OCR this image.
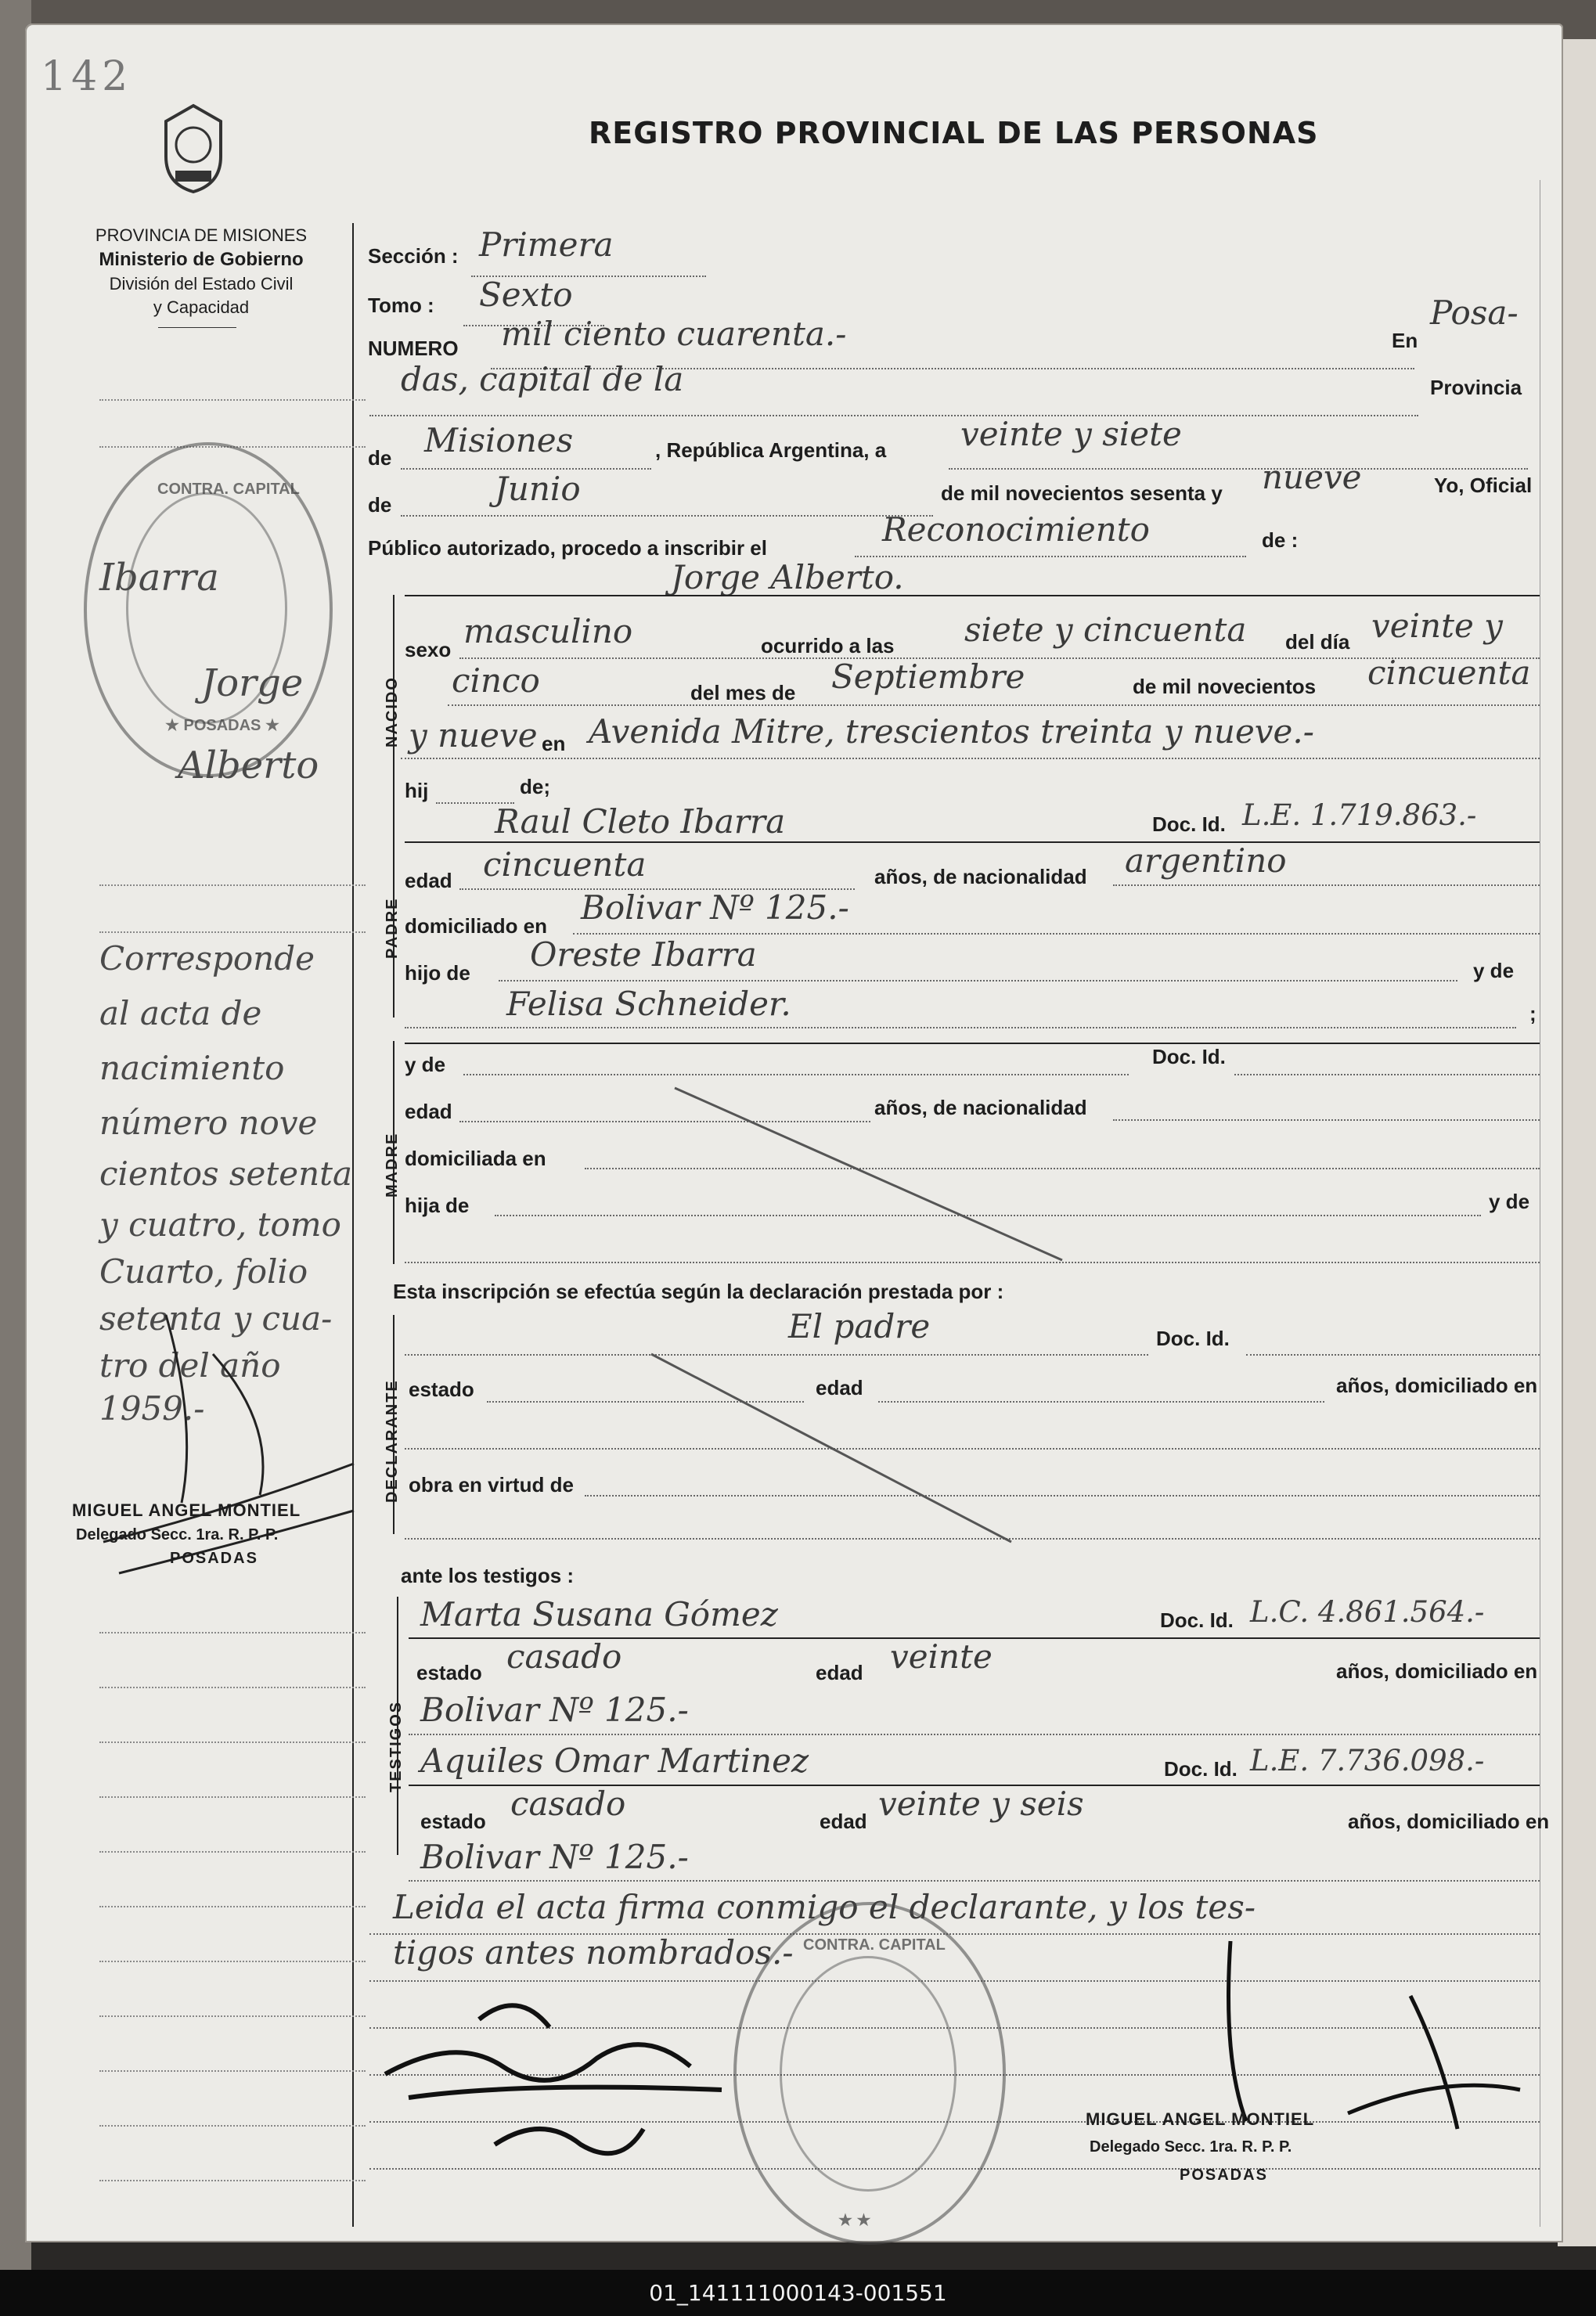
142
PROVINCIA DE MISIONES
Ministerio de Gobierno
División del Estado Civil
y Capacidad
REGISTRO PROVINCIAL DE LAS PERSONAS
CONTRA. CAPITAL
★ POSADAS ★
Ibarra
Jorge
Alberto
Corresponde
al acta de
nacimiento
número nove
cientos setenta
y cuatro, tomo
Cuarto, folio
setenta y cua-
tro del año
1959.-
MIGUEL ANGEL MONTIEL
Delegado Secc. 1ra. R. P. P.
POSADAS
Sección : Primera
Tomo : Sexto
NUMERO mil ciento cuarenta.-	En
Posa-
das, capital de la	Provincia
de Misiones	, República Argentina, a veinte y siete
de	Junio	de mil novecientos sesenta y nueve	Yo, Oficial
Público autorizado, procedo a inscribir el	Reconocimiento	de :
Jorge Alberto.
NACIDO
sexo masculino	ocurrido a las siete y cincuenta del día veinte y
cinco	del mes de Septiembre	de mil novecientos cincuenta
y nueve en Avenida Mitre, trescientos treinta y nueve.-
hij	de;
PADRE
Raul Cleto Ibarra	Doc. Id. L.E. 1.719.863.-
edad cincuenta	años, de nacionalidad argentino
domiciliado en Bolivar Nº 125.-
hijo de Oreste Ibarra	y de
Felisa Schneider.	;
MADRE
y de	Doc. Id.
edad	años, de nacionalidad
domiciliada en
hija de	y de
Esta inscripción se efectúa según la declaración prestada por :
DECLARANTE
El padre	Doc. Id.
estado	edad	años, domiciliado en
obra en virtud de
ante los testigos :
TESTIGOS
Marta Susana Gómez	Doc. Id. L.C. 4.861.564.-
estado casado	edad veinte	años, domiciliado en
Bolivar Nº 125.-
Aquiles Omar Martinez	Doc. Id. L.E. 7.736.098.-
estado casado	edad veinte y seis	años, domiciliado en
Bolivar Nº 125.-
Leida el acta firma conmigo el declarante, y los tes-
tigos antes nombrados.- CONTRA. CAPITAL
★ ★
MIGUEL ANGEL MONTIEL
Delegado Secc. 1ra. R. P. P.
POSADAS
01_141111000143-001551
